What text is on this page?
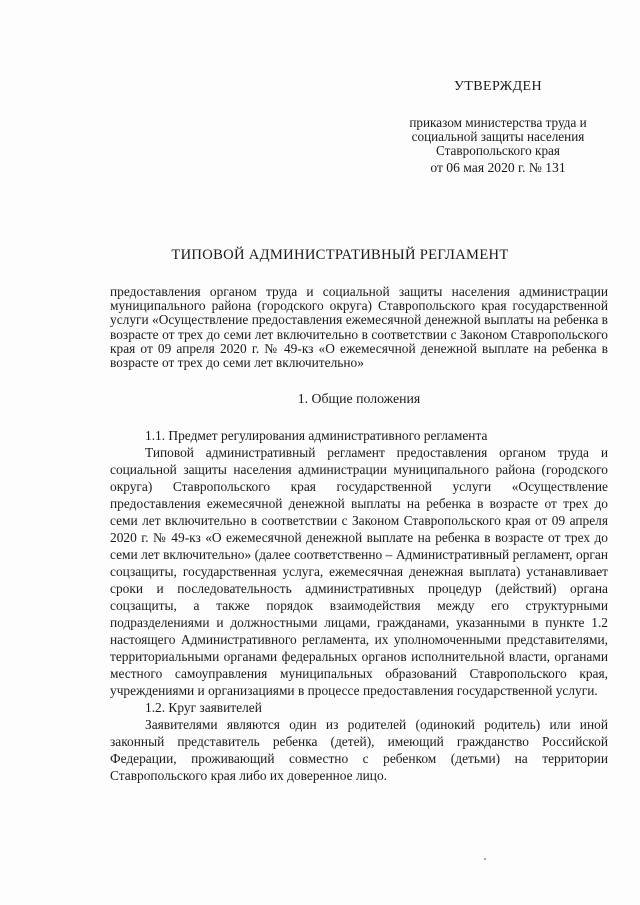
УТВЕРЖДЕН
приказом министерства труда и
социальной защиты населения
Ставропольского края
от 06 мая 2020 г. № 131
ТИПОВОЙ АДМИНИСТРАТИВНЫЙ РЕГЛАМЕНТ

предоставления органом труда и социальной защиты населения администрации муниципального района (городского округа) Ставропольского края государственной услуги «Осуществление предоставления ежемесячной денежной выплаты на ребенка в возрасте от трех до семи лет включительно в соответствии с Законом Ставропольского края от 09 апреля 2020 г. № 49-кз «О ежемесячной денежной выплате на ребенка в возрасте от трех до семи лет включительно»

1. Общие положения

1.1. Предмет регулирования административного регламента

Типовой административный регламент предоставления органом труда и социальной защиты населения администрации муниципального района (городского округа) Ставропольского края государственной услуги «Осуществление предоставления ежемесячной денежной выплаты на ребенка в возрасте от трех до семи лет включительно в соответствии с Законом Ставропольского края от 09 апреля 2020 г. № 49-кз «О ежемесячной денежной выплате на ребенка в возрасте от трех до семи лет включительно» (далее соответственно – Административный регламент, орган соцзащиты, государственная услуга, ежемесячная денежная выплата) устанавливает сроки и последовательность административных процедур (действий) органа соцзащиты, а также порядок взаимодействия между его структурными подразделениями и должностными лицами, гражданами, указанными в пункте 1.2 настоящего Административного регламента, их уполномоченными представителями, территориальными органами федеральных органов исполнительной власти, органами местного самоуправления муниципальных образований Ставропольского края, учреждениями и организациями в процессе предоставления государственной услуги.

1.2. Круг заявителей

Заявителями являются один из родителей (одинокий родитель) или иной законный представитель ребенка (детей), имеющий гражданство Российской Федерации, проживающий совместно с ребенком (детьми) на территории Ставропольского края либо их доверенное лицо.
